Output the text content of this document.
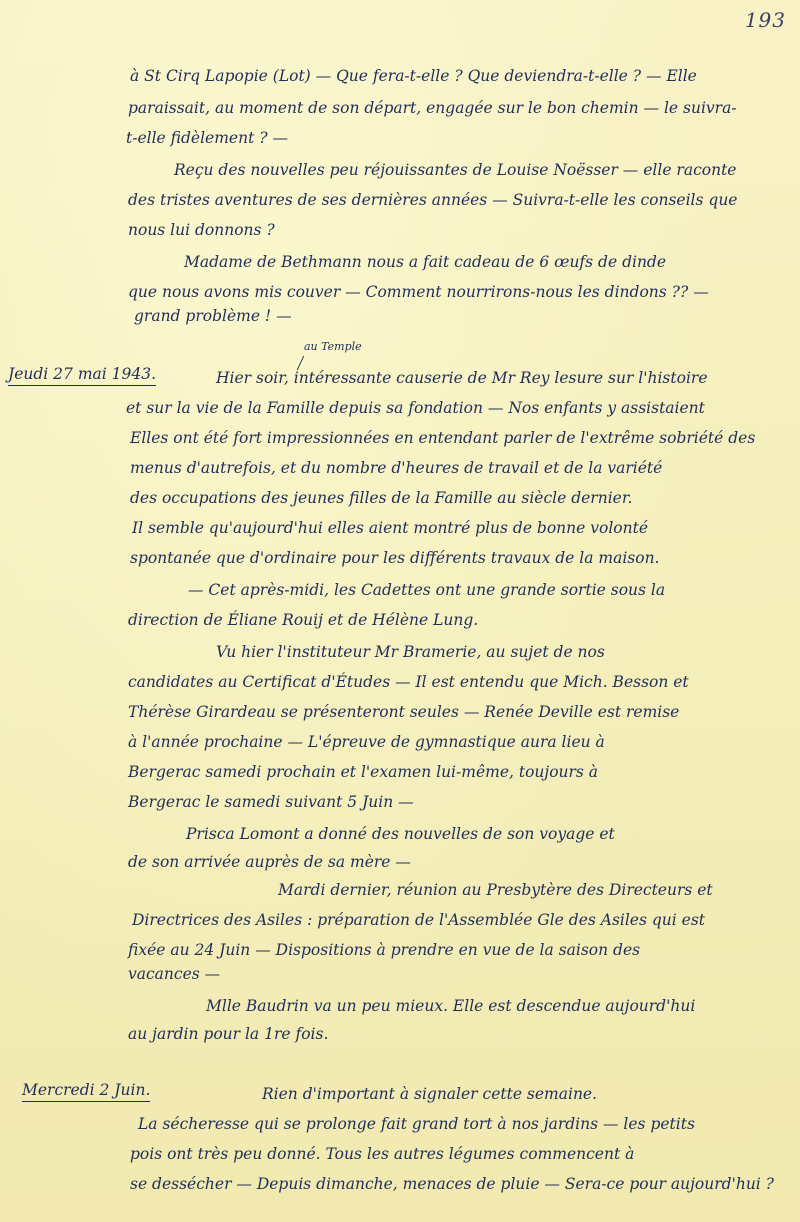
193
à St Cirq Lapopie (Lot) — Que fera-t-elle ? Que deviendra-t-elle ? — Elle
paraissait, au moment de son départ, engagée sur le bon chemin — le suivra-
t-elle fidèlement ? —
Reçu des nouvelles peu réjouissantes de Louise Noësser — elle raconte
des tristes aventures de ses dernières années — Suivra-t-elle les conseils que
nous lui donnons ?
Madame de Bethmann nous a fait cadeau de 6 œufs de dinde
que nous avons mis couver — Comment nourrirons-nous les dindons ?? —
grand problème ! —
Jeudi 27 mai 1943.
au Temple
Hier soir, intéressante causerie de Mr Rey lesure sur l'histoire
et sur la vie de la Famille depuis sa fondation — Nos enfants y assistaient
Elles ont été fort impressionnées en entendant parler de l'extrême sobriété des
menus d'autrefois, et du nombre d'heures de travail et de la variété
des occupations des jeunes filles de la Famille au siècle dernier.
Il semble qu'aujourd'hui elles aient montré plus de bonne volonté
spontanée que d'ordinaire pour les différents travaux de la maison.
— Cet après-midi, les Cadettes ont une grande sortie sous la
direction de Éliane Rouij et de Hélène Lung.
Vu hier l'instituteur Mr Bramerie, au sujet de nos
candidates au Certificat d'Études — Il est entendu que Mich. Besson et
Thérèse Girardeau se présenteront seules — Renée Deville est remise
à l'année prochaine — L'épreuve de gymnastique aura lieu à
Bergerac samedi prochain et l'examen lui-même, toujours à
Bergerac le samedi suivant 5 Juin —
Prisca Lomont a donné des nouvelles de son voyage et
de son arrivée auprès de sa mère —
Mardi dernier, réunion au Presbytère des Directeurs et
Directrices des Asiles : préparation de l'Assemblée Gle des Asiles qui est
fixée au 24 Juin — Dispositions à prendre en vue de la saison des
vacances —
Mlle Baudrin va un peu mieux. Elle est descendue aujourd'hui
au jardin pour la 1re fois.
Mercredi 2 Juin.	Rien d'important à signaler cette semaine.
La sécheresse qui se prolonge fait grand tort à nos jardins — les petits
pois ont très peu donné. Tous les autres légumes commencent à
se dessécher — Depuis dimanche, menaces de pluie — Sera-ce pour aujourd'hui ?
